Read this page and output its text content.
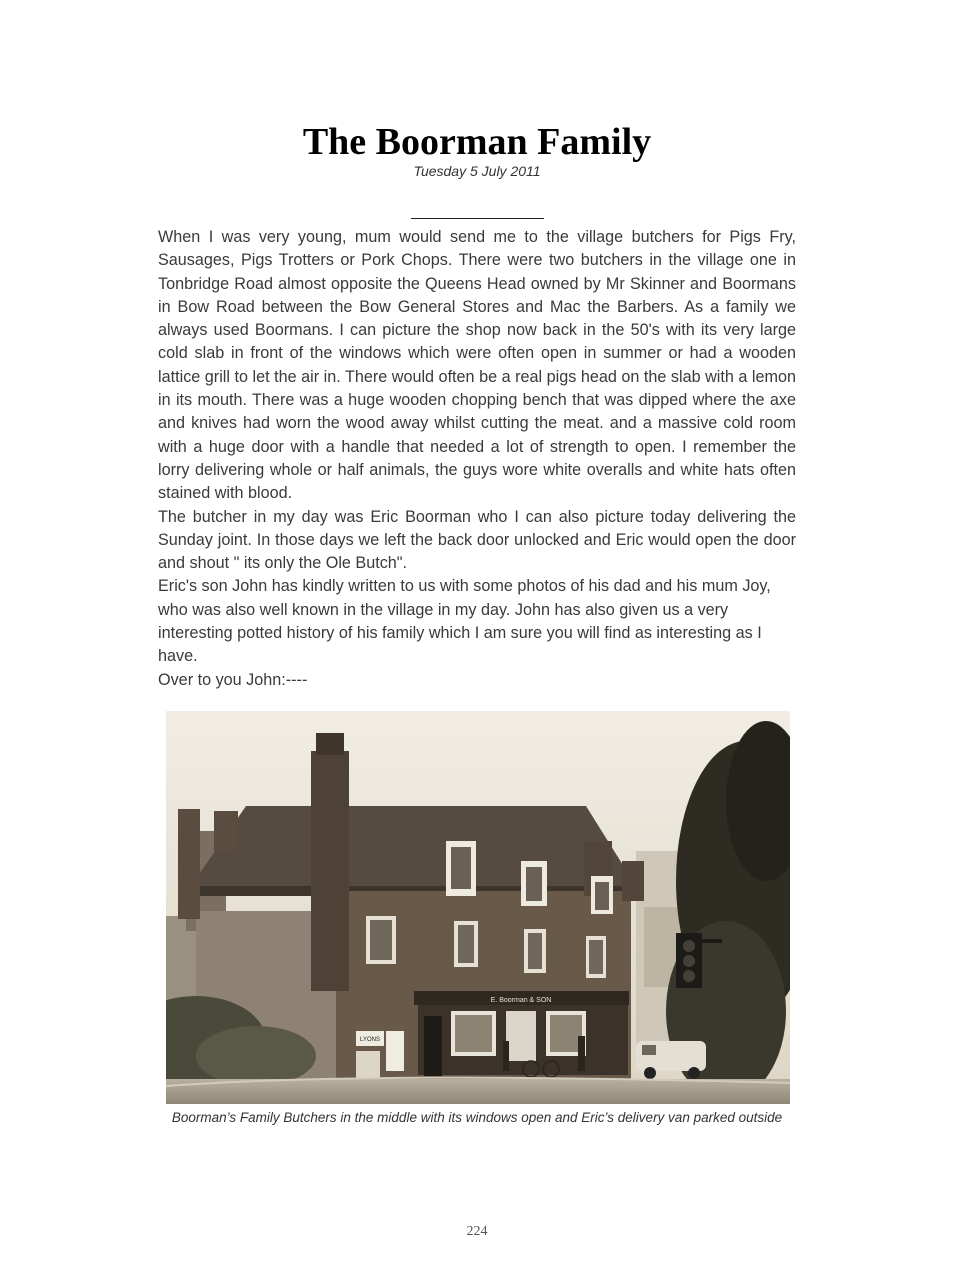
The Boorman Family
Tuesday 5 July 2011

When I was very young, mum would send me to the village butchers for Pigs Fry, Sausages, Pigs Trotters or Pork Chops. There were two butchers in the village one in Tonbridge Road almost opposite the Queens Head owned by Mr Skinner and Boormans in Bow Road between the Bow General Stores and Mac the Barbers. As a family we always used Boormans. I can picture the shop now back in the 50's with its very large cold slab in front of the windows which were often open in summer or had a wooden lattice grill to let the air in. There would often be a real pigs head on the slab with a lemon in its mouth. There was a huge wooden chopping bench that was dipped where the axe and knives had worn the wood away whilst cutting the meat. and a massive cold room with a huge door with a handle that needed a lot of strength to open. I remember the lorry delivering whole or half animals, the guys wore white overalls and white hats often stained with blood.

The butcher in my day was Eric Boorman who I can also picture today delivering the Sunday joint. In those days we left the back door unlocked and Eric would open the door and shout " its only the Ole Butch".

Eric's son John has kindly written to us with some photos of his dad and his mum Joy, who was also well known in the village in my day. John has also given us a very interesting potted history of his family which I am sure you will find as interesting as I have.

Over to you John:----

E. Boorman & SON
LYONS
Boorman’s Family Butchers in the middle with its windows open and Eric’s delivery van parked outside
224
